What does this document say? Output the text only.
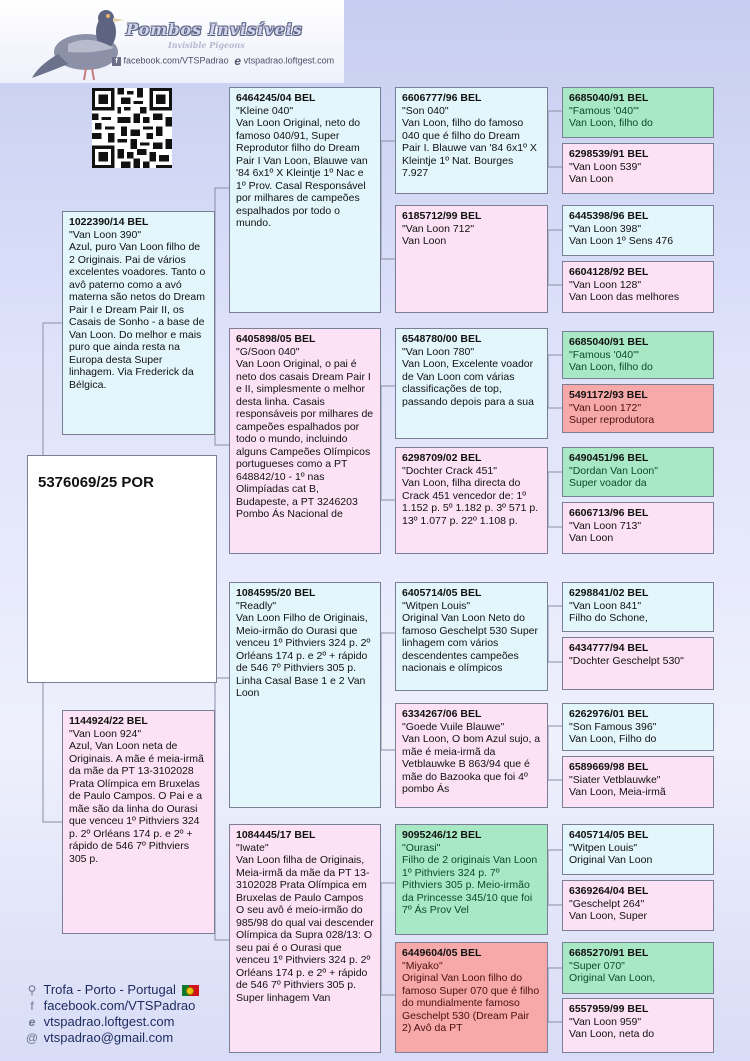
Pombos Invisíveis
Invisible Pigeons
f facebook.com/VTSPadrao  e vtspadrao.loftgest.com
5376069/25 POR
1022390/14 BEL
"Van Loon 390"
Azul, puro Van Loon filho de 2 Originais. Pai de vários excelentes voadores. Tanto o avô paterno como a avó materna são netos do Dream Pair I e Dream Pair II, os Casais de Sonho - a base de Van Loon. Do melhor e mais puro que ainda resta na Europa desta Super linhagem. Via Frederick da Bélgica.
1144924/22 BEL
"Van Loon 924"
Azul, Van Loon neta de Originais. A mãe é meia-irmã da mãe da PT 13-3102028 Prata Olímpica em Bruxelas de Paulo Campos. O Pai e a mãe são da linha do Ourasi que venceu 1º Pithviers 324 p. 2º Orléans 174 p. e 2º + rápido de 546 7º Pithviers 305 p.
6464245/04 BEL
"Kleine 040"
Van Loon Original, neto do famoso 040/91, Super Reprodutor filho do Dream Pair I Van Loon, Blauwe van '84 6x1º X Kleintje 1º Nac e 1º Prov. Casal Responsável por milhares de campeões espalhados por todo o mundo.
6405898/05 BEL
"G/Soon 040"
Van Loon Original, o pai é neto dos casais Dream Pair I e II, simplesmente o melhor desta linha. Casais responsáveis por milhares de campeões espalhados por todo o mundo, incluindo alguns Campeões Olímpicos portugueses como a PT 648842/10 - 1º nas Olimpíadas cat B, Budapeste, a PT 3246203 Pombo Ás Nacional de
1084595/20 BEL
"Readly"
Van Loon Filho de Originais, Meio-irmão do Ourasi que venceu 1º Pithviers 324 p. 2º Orléans 174 p. e 2º + rápido de 546 7º Pithviers 305 p. Linha Casal Base 1 e 2 Van Loon
1084445/17 BEL
"Iwate"
Van Loon filha de Originais, Meia-irmã da mãe da PT 13-3102028 Prata Olímpica em Bruxelas de Paulo Campos O seu avô é meio-irmão do 985/98 do qual vai descender Olímpica da Supra 028/13: O seu pai é o Ourasi que venceu 1º Pithviers 324 p. 2º Orléans 174 p. e 2º + rápido de 546 7º Pithviers 305 p. Super linhagem Van
6606777/96 BEL
"Son 040"
Van Loon, filho do famoso 040 que é filho do Dream Pair I. Blauwe van '84 6x1º X Kleintje 1º Nat. Bourges 7.927
6185712/99 BEL
"Van Loon 712"
Van Loon
6548780/00 BEL
"Van Loon 780"
Van Loon, Excelente voador de Van Loon com várias classificações de top, passando depois para a sua
6298709/02 BEL
"Dochter Crack 451"
Van Loon, filha directa do Crack 451 vencedor de: 1º 1.152 p. 5º 1.182 p. 3º 571 p. 13º 1.077 p. 22º 1.108 p.
6405714/05 BEL
"Witpen Louis"
Original Van Loon Neto do famoso Geschelpt 530 Super linhagem com vários descendentes campeões nacionais e olímpicos
6334267/06 BEL
"Goede Vuile Blauwe"
Van Loon, O bom Azul sujo, a mãe é meia-irmã da Vetblauwke B 863/94 que é mãe do Bazooka que foi 4º pombo Ás
9095246/12 BEL
"Ourasi"
Filho de 2 originais Van Loon 1º Pithviers 324 p. 7º Pithviers 305 p. Meio-irmão da Princesse 345/10 que foi 7º Ás Prov Vel
6449604/05 BEL
"Miyako"
Original Van Loon filho do famoso Super 070 que é filho do mundialmente famoso Geschelpt 530 (Dream Pair 2) Avô da PT
6685040/91 BEL
"Famous '040'"
Van Loon, filho do
6298539/91 BEL
"Van Loon 539"
Van Loon
6445398/96 BEL
"Van Loon 398"
Van Loon 1º Sens 476
6604128/92 BEL
"Van Loon 128"
Van Loon das melhores
6685040/91 BEL
"Famous '040'"
Van Loon, filho do
5491172/93 BEL
"Van Loon 172"
Super reprodutora
6490451/96 BEL
"Dordan Van Loon"
Super voador da
6606713/96 BEL
"Van Loon 713"
Van Loon
6298841/02 BEL
"Van Loon 841"
Filho do Schone,
6434777/94 BEL
"Dochter Geschelpt 530"
6262976/01 BEL
"Son Famous 396"
Van Loon, Filho do
6589669/98 BEL
"Siater Vetblauwke"
Van Loon, Meia-irmã
6405714/05 BEL
"Witpen Louis"
Original Van Loon
6369264/04 BEL
"Geschelpt 264"
Van Loon, Super
6685270/91 BEL
"Super 070"
Original Van Loon,
6557959/99 BEL
"Van Loon 959"
Van Loon, neta do
⚲ Trofa - Porto - Portugal
f facebook.com/VTSPadrao
e vtspadrao.loftgest.com
@ vtspadrao@gmail.com
